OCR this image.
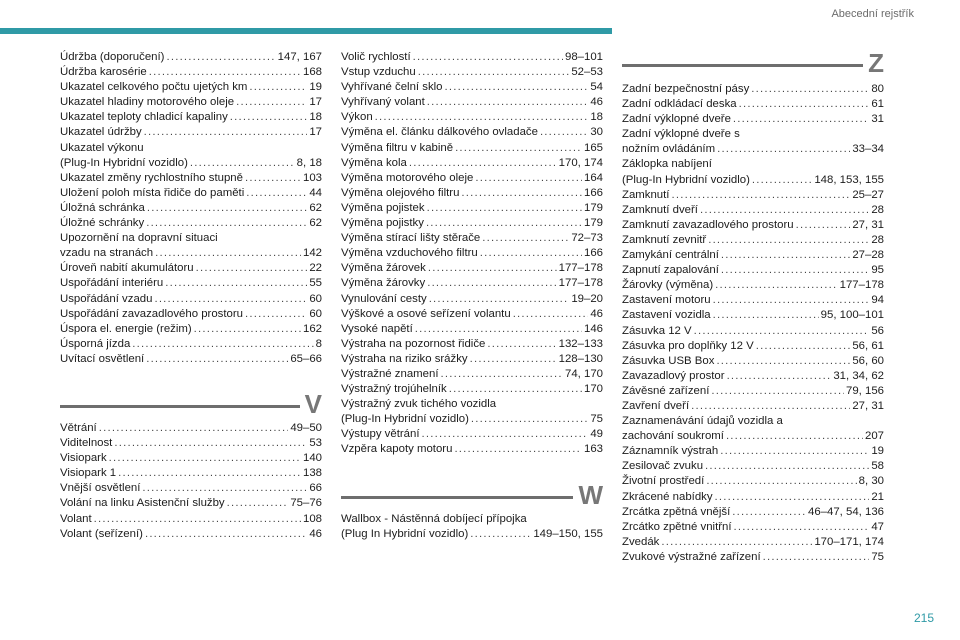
Abecední rejstřík
Údržba (doporučení) .....	147, 167
Údržba karosérie .....	168
Ukazatel celkového počtu ujetých km .....	19
Ukazatel hladiny motorového oleje .....	17
Ukazatel teploty chladicí kapaliny .....	18
Ukazatel údržby .....	17
Ukazatel výkonu
(Plug-In Hybridní vozidlo) .....	8, 18
Ukazatel změny rychlostního stupně .....	103
Uložení poloh místa řidiče do paměti .....	44
Úložná schránka .....	62
Úložné schránky .....	62
Upozornění na dopravní situaci
vzadu na stranách .....	142
Úroveň nabití akumulátoru .....	22
Uspořádání interiéru .....	55
Uspořádání vzadu .....	60
Uspořádání zavazadlového prostoru .....	60
Úspora el. energie (režim) .....	162
Úsporná jízda .....	8
Uvítací osvětlení .....	65–66
V
Větrání .....	49–50
Viditelnost .....	53
Visiopark .....	140
Visiopark 1 .....	138
Vnější osvětlení .....	66
Volání na linku Asistenční služby .....	75–76
Volant .....	108
Volant (seřízení) .....	46
Volič rychlostí .....	98–101
Vstup vzduchu .....	52–53
Vyhřívané čelní sklo .....	54
Vyhřívaný volant .....	46
Výkon .....	18
Výměna el. článku dálkového ovladače .....	30
Výměna filtru v kabině .....	165
Výměna kola .....	170, 174
Výměna motorového oleje .....	164
Výměna olejového filtru .....	166
Výměna pojistek .....	179
Výměna pojistky .....	179
Výměna stírací lišty stěrače .....	72–73
Výměna vzduchového filtru .....	166
Výměna žárovek .....	177–178
Výměna žárovky .....	177–178
Vynulování cesty .....	19–20
Výškové a osové seřízení volantu .....	46
Vysoké napětí .....	146
Výstraha na pozornost řidiče .....	132–133
Výstraha na riziko srážky .....	128–130
Výstražné znamení .....	74, 170
Výstražný trojúhelník .....	170
Výstražný zvuk tichého vozidla
(Plug-In Hybridní vozidlo) .....	75
Výstupy větrání .....	49
Vzpěra kapoty motoru .....	163
W
Wallbox - Nástěnná dobíjecí přípojka
(Plug In Hybridní vozidlo) .....	149–150, 155
Z
Zadní bezpečnostní pásy .....	80
Zadní odkládací deska .....	61
Zadní výklopné dveře .....	31
Zadní výklopné dveře s
nožním ovládáním .....	33–34
Záklopka nabíjení
(Plug-In Hybridní vozidlo) .....	148, 153, 155
Zamknutí .....	25–27
Zamknutí dveří .....	28
Zamknutí zavazadlového prostoru .....	27, 31
Zamknutí zevnitř .....	28
Zamykání centrální .....	27–28
Zapnutí zapalování .....	95
Žárovky (výměna) .....	177–178
Zastavení motoru .....	94
Zastavení vozidla .....	95, 100–101
Zásuvka 12 V .....	56
Zásuvka pro doplňky 12 V .....	56, 61
Zásuvka USB Box .....	56, 60
Zavazadlový prostor .....	31, 34, 62
Závěsné zařízení .....	79, 156
Zavření dveří .....	27, 31
Zaznamenávání údajů vozidla a
zachování soukromí .....	207
Záznamník výstrah .....	19
Zesilovač zvuku .....	58
Životní prostředí .....	8, 30
Zkrácené nabídky .....	21
Zrcátka zpětná vnější .....	46–47, 54, 136
Zrcátko zpětné vnitřní .....	47
Zvedák .....	170–171, 174
Zvukové výstražné zařízení .....	75
215
